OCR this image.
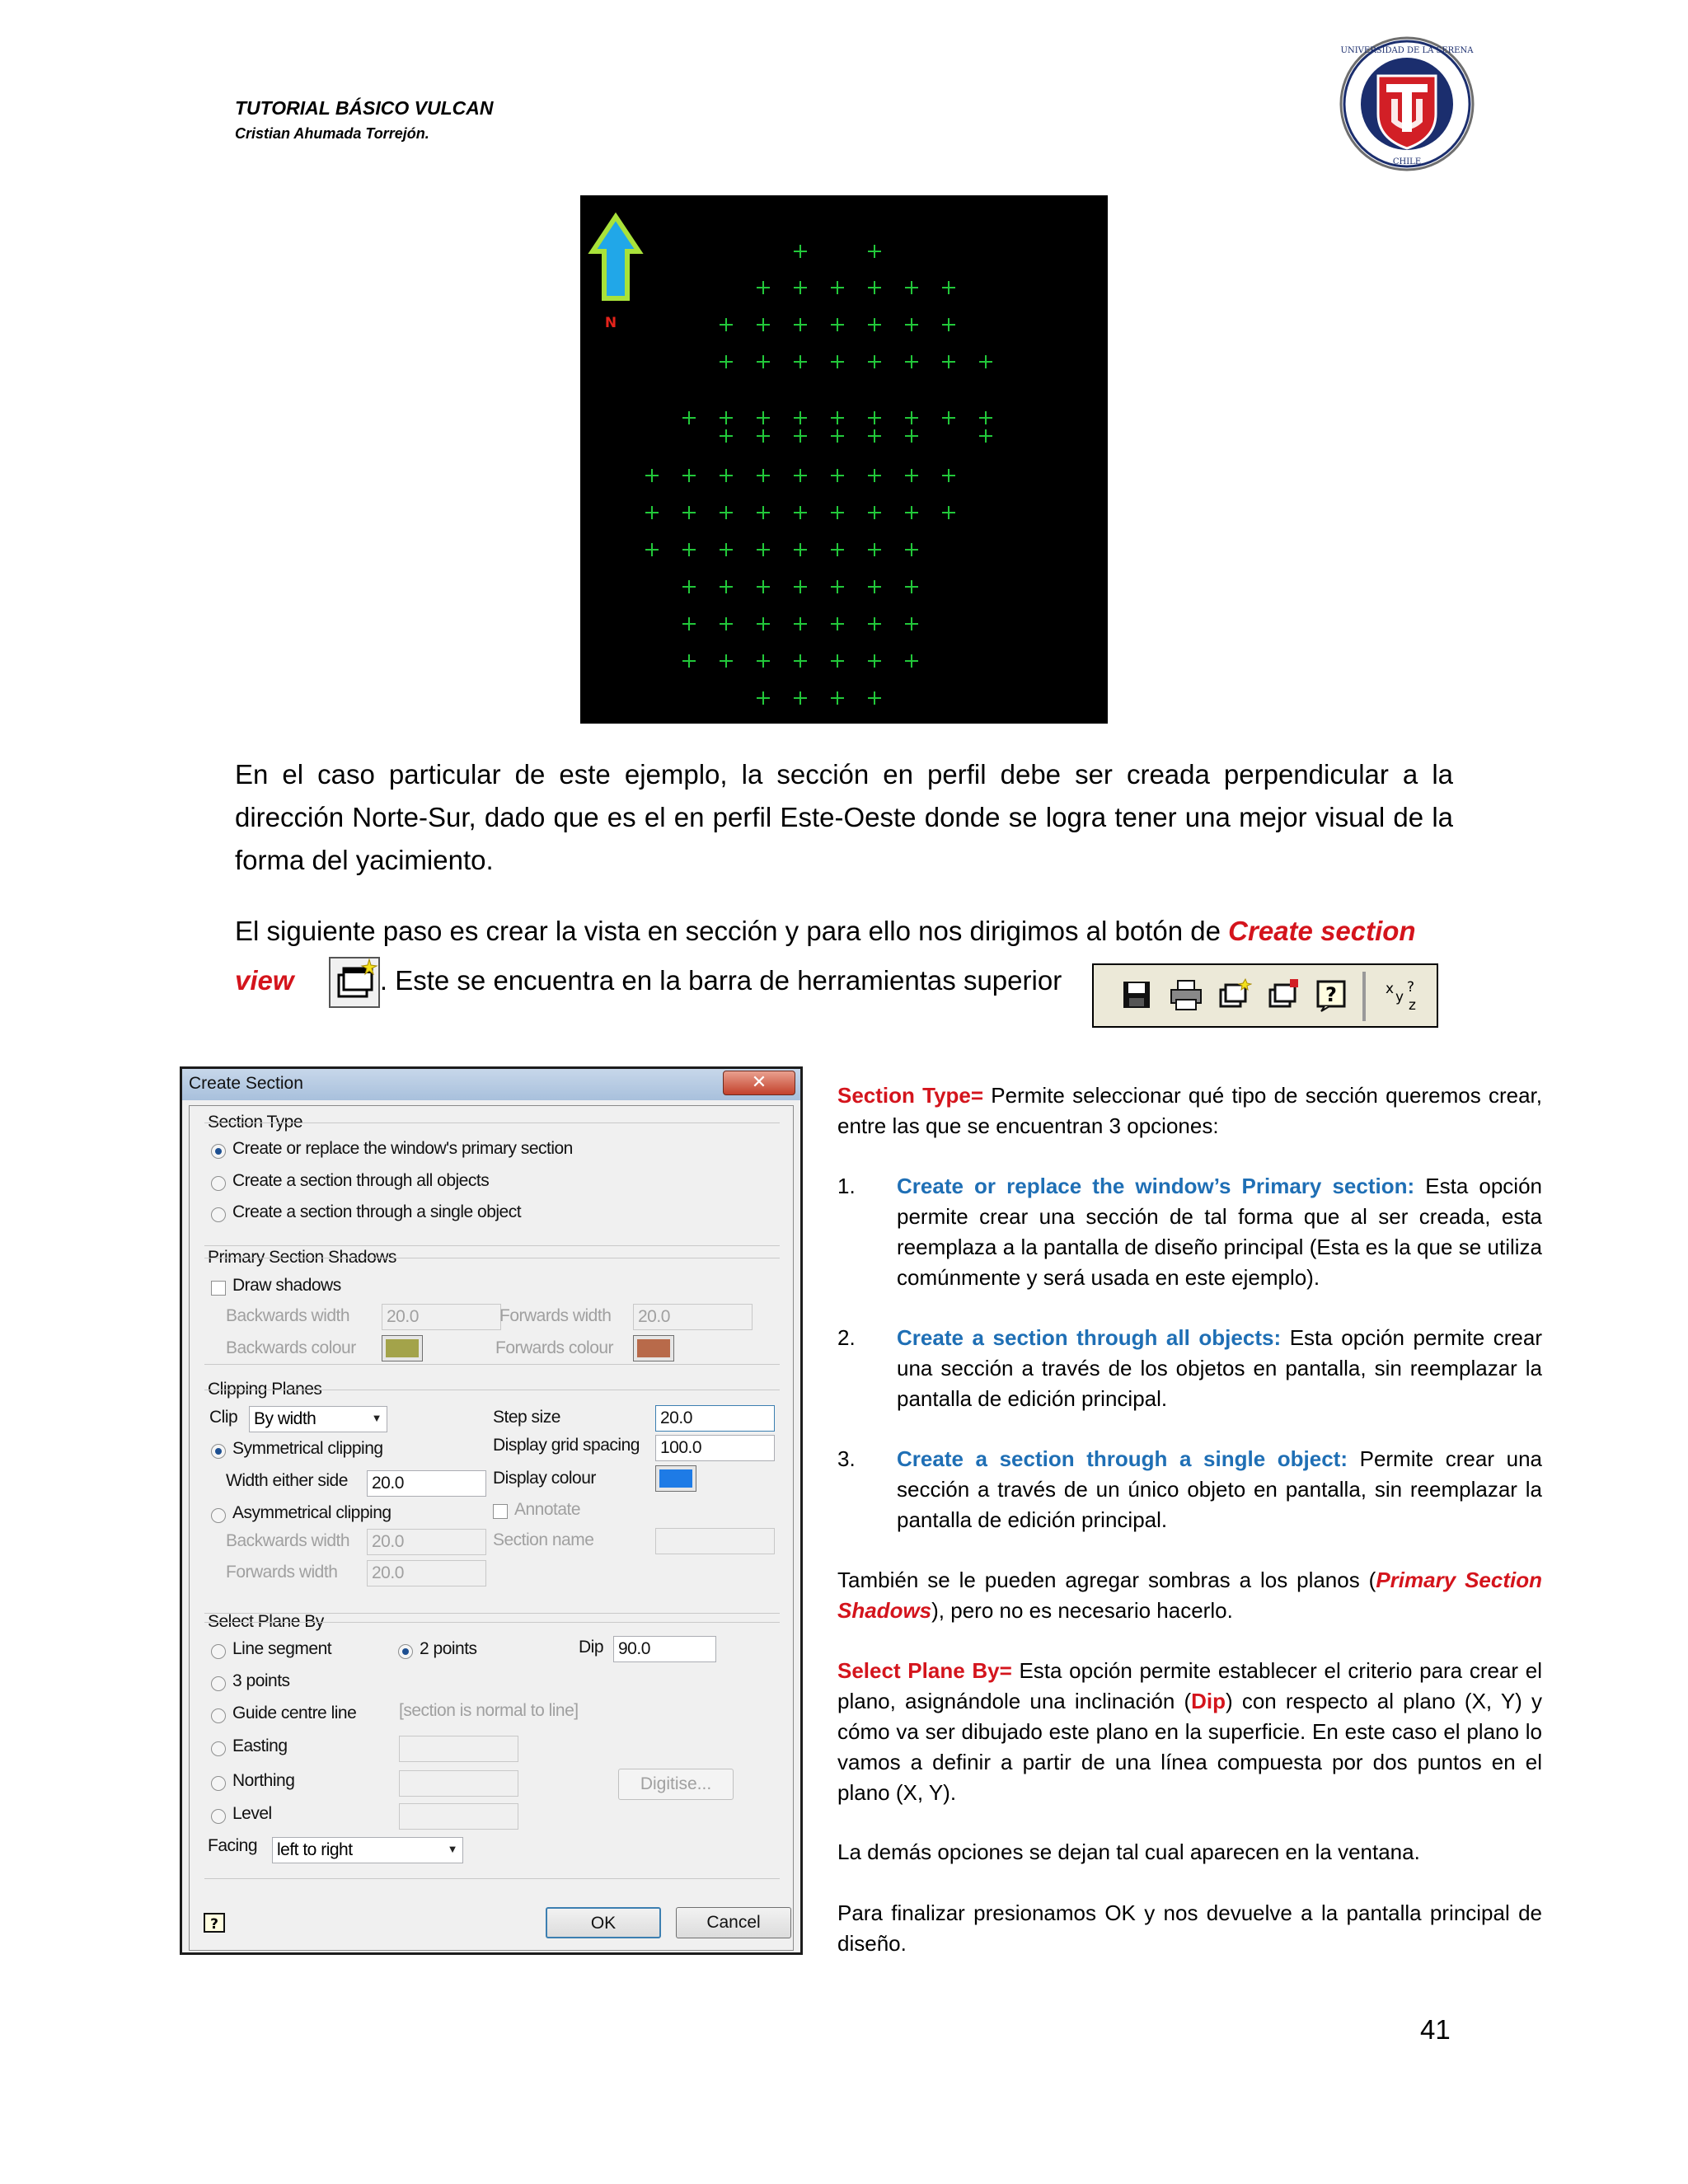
TUTORIAL BÁSICO VULCAN
Cristian Ahumada Torrejón.
UNIVERSIDAD DE LA SERENA
CHILE
N
En el caso particular de este ejemplo, la sección en perfil debe ser creada perpendicular a la dirección Norte-Sur, dado que es el en perfil Este-Oeste donde se logra tener una mejor visual de la forma del yacimiento.
El siguiente paso es crear la vista en sección y para ello nos dirigimos al botón de Create section
view	. Este se encuentra en la barra de herramientas superior	?	x y
?
z
Create Section	✕
Section Type
Create or replace the window's primary section
Create a section through all objects
Create a section through a single object
Primary Section Shadows
Draw shadows
Backwards width 20.0	Forwards width 20.0
Backwards colour	Forwards colour
Clipping Planes
Clip By width ▼	Step size	20.0
Symmetrical clipping	Display grid spacing 100.0
Width either side 20.0	Display colour
Asymmetrical clipping	Annotate
Section name
Backwards width 20.0
Forwards width 20.0
Select Plane By
Line segment	2 points	Dip 90.0
3 points
Guide centre line [section is normal to line]
Easting
Northing	Digitise...
Level
Facing left to right ▼
?	OK	Cancel
Section Type= Permite seleccionar qué tipo de sección queremos crear, entre las que se encuentran 3 opciones:
1. Create or replace the window’s Primary section: Esta opción permite crear una sección de tal forma que al ser creada, esta reemplaza a la pantalla de diseño principal (Esta es la que se utiliza comúnmente y será usada en este ejemplo).
2. Create a section through all objects: Esta opción permite crear una sección a través de los objetos en pantalla, sin reemplazar la pantalla de edición principal.
3. Create a section through a single object: Permite crear una sección a través de un único objeto en pantalla, sin reemplazar la pantalla de edición principal.
También se le pueden agregar sombras a los planos (Primary Section Shadows), pero no es necesario hacerlo.
Select Plane By= Esta opción permite establecer el criterio para crear el plano, asignándole una inclinación (Dip) con respecto al plano (X, Y) y cómo va ser dibujado este plano en la superficie. En este caso el plano lo vamos a definir a partir de una línea compuesta por dos puntos en el plano (X, Y).
La demás opciones se dejan tal cual aparecen en la ventana.
Para finalizar presionamos OK y nos devuelve a la pantalla principal de diseño.
41
